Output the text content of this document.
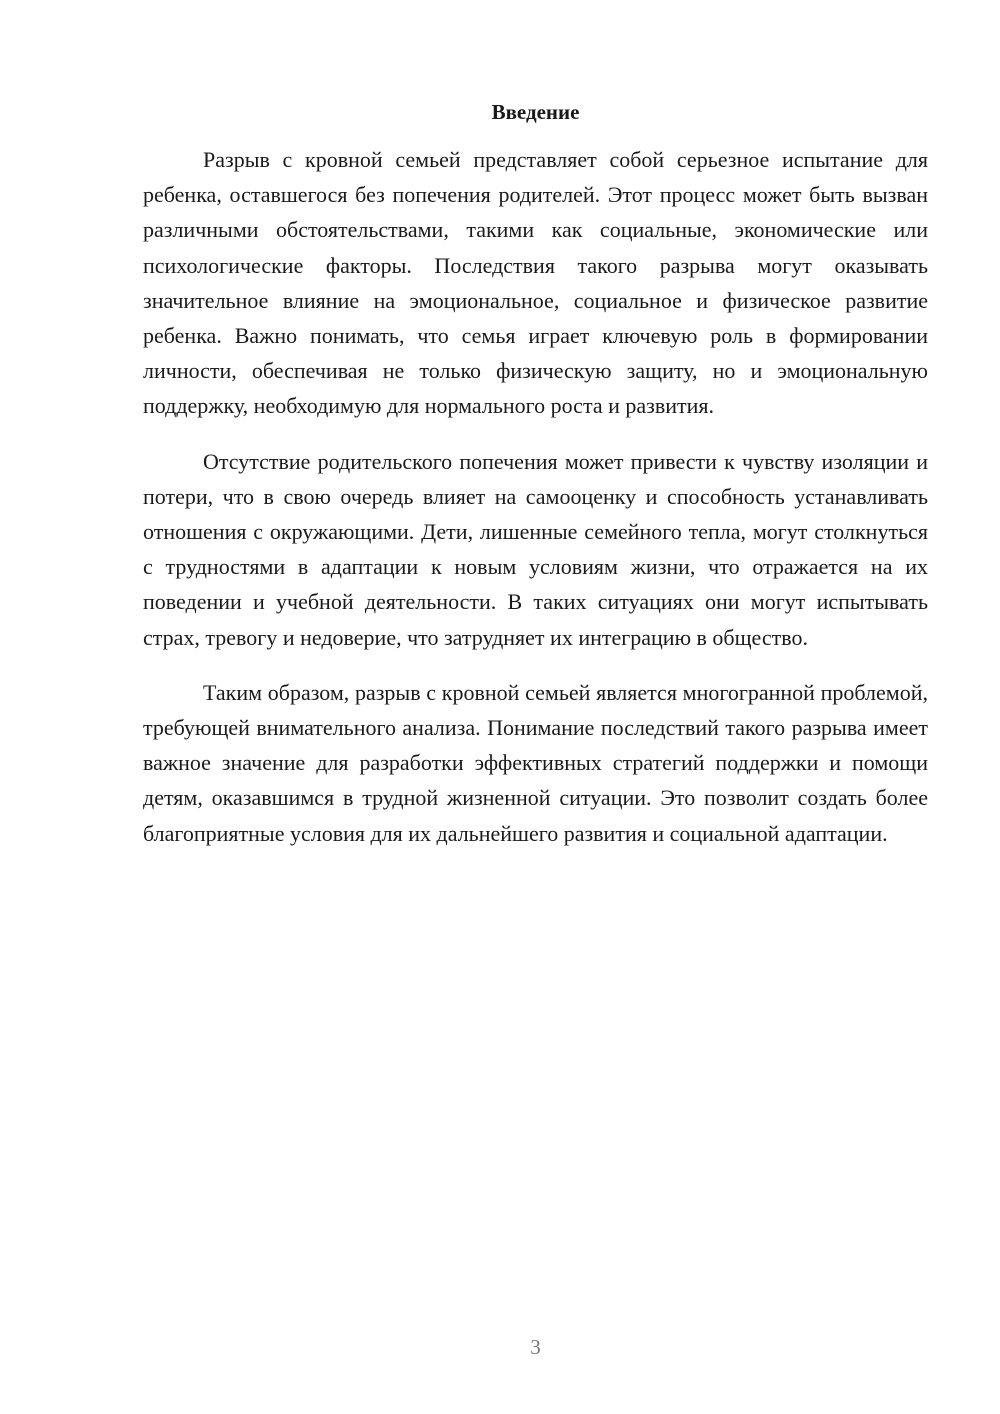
Введение

Разрыв с кровной семьей представляет собой серьезное испытание для ребенка, оставшегося без попечения родителей. Этот процесс может быть вызван различными обстоятельствами, такими как социальные, экономические или психологические факторы. Последствия такого разрыва могут оказывать значительное влияние на эмоциональное, социальное и физическое развитие ребенка. Важно понимать, что семья играет ключевую роль в формировании личности, обеспечивая не только физическую защиту, но и эмоциональную поддержку, необходимую для нормального роста и развития.

Отсутствие родительского попечения может привести к чувству изоляции и потери, что в свою очередь влияет на самооценку и способность устанавливать отношения с окружающими. Дети, лишенные семейного тепла, могут столкнуться с трудностями в адаптации к новым условиям жизни, что отражается на их поведении и учебной деятельности. В таких ситуациях они могут испытывать страх, тревогу и недоверие, что затрудняет их интеграцию в общество.

Таким образом, разрыв с кровной семьей является многогранной проблемой, требующей внимательного анализа. Понимание последствий такого разрыва имеет важное значение для разработки эффективных стратегий поддержки и помощи детям, оказавшимся в трудной жизненной ситуации. Это позволит создать более благоприятные условия для их дальнейшего развития и социальной адаптации.

3
